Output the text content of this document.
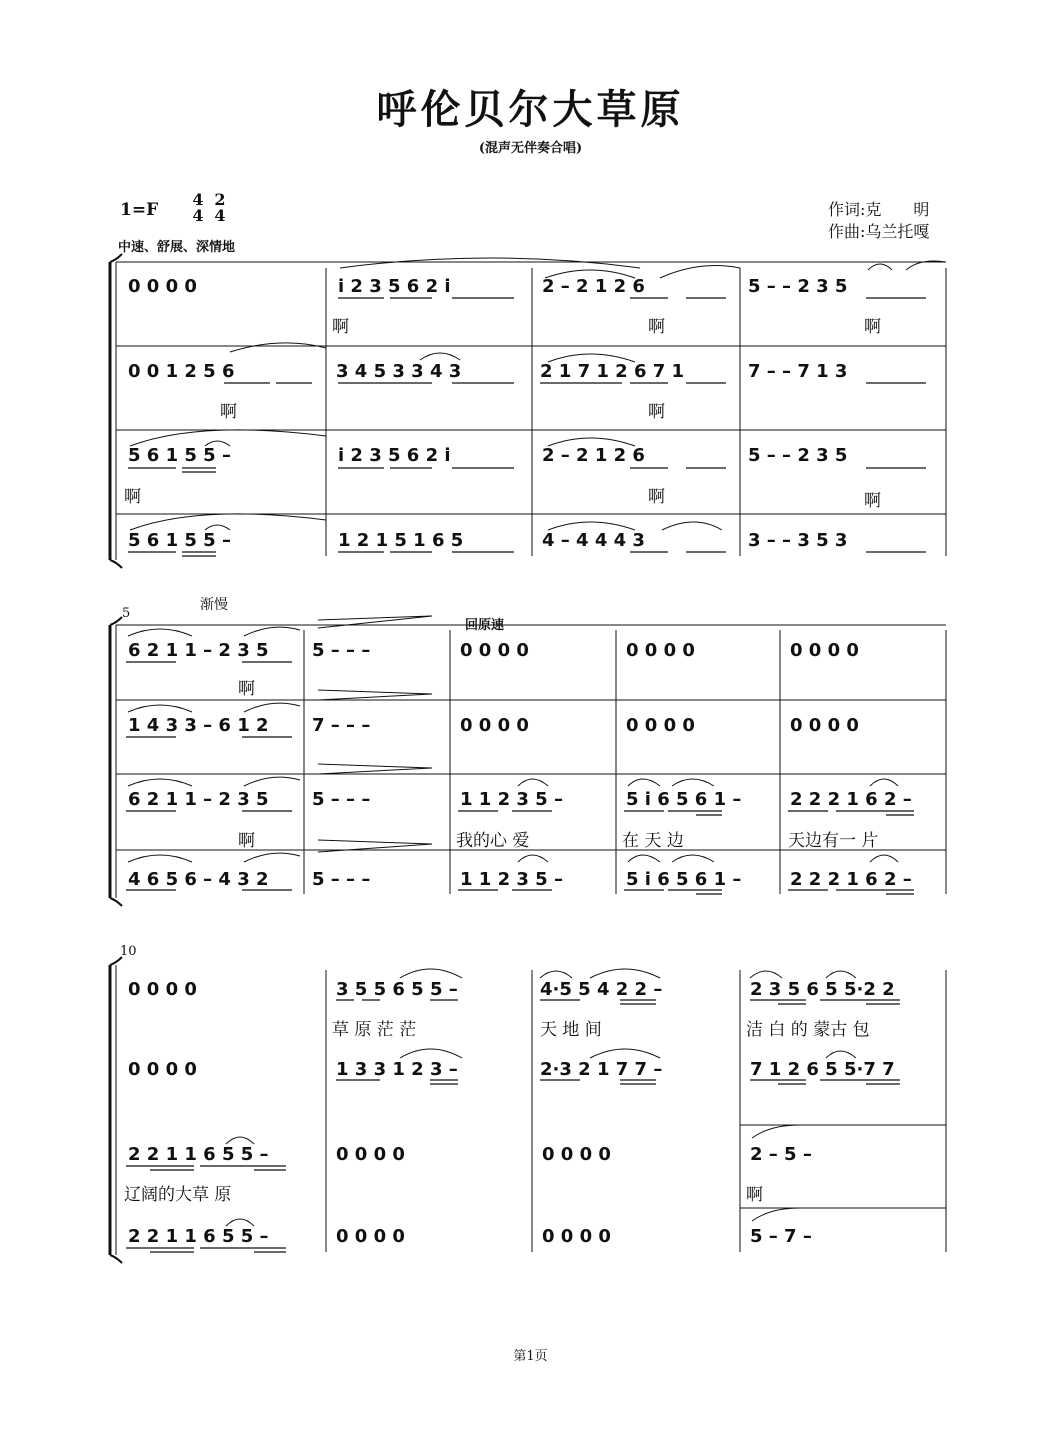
呼伦贝尔大草原
(混声无伴奏合唱)
1=F
4
4
2
4
中速、舒展、深情地
作词:克　　明
作曲:乌兰托嘎
0 0 0 0	i 2 3 5 6 2 i	2 – 2 1 2 6	5 – – 2 3 5
啊	啊	啊
0 0 1 2 5 6	3 4 5 3 3 4 3	2 1 7 1 2 6 7 1	7 – – 7 1 3
啊	啊
5 6 1 5 5 –	i 2 3 5 6 2 i	2 – 2 1 2 6	5 – – 2 3 5
啊	啊	啊
5 6 1 5 5 –	1 2 1 5 1 6 5	4 – 4 4 4 3	3 – – 3 5 3
5
渐慢
回原速
6 2 1 1 – 2 3 5 5 – – –	0 0 0 0	0 0 0 0	0 0 0 0
啊
1 4 3 3 – 6 1 2 7 – – –	0 0 0 0	0 0 0 0	0 0 0 0
6 2 1 1 – 2 3 5 5 – – –	1 1 2 3 5 –	5 i 6 5 6 1 –	2 2 2 1 6 2 –
啊	我的心 爱	在 天 边	天边有一 片
4 6 5 6 – 4 3 2 5 – – –	1 1 2 3 5 –	5 i 6 5 6 1 –	2 2 2 1 6 2 –
10
0 0 0 0	3 5 5 6 5 5 –	4·5 5 4 2 2 –	2 3 5 6 5 5·2 2
草 原 茫 茫	天 地 间	洁 白 的 蒙古 包
0 0 0 0	1 3 3 1 2 3 –	2·3 2 1 7 7 –	7 1 2 6 5 5·7 7
2 2 1 1 6 5 5 –	0 0 0 0	0 0 0 0	2 – 5 –
辽阔的大草 原	啊
2 2 1 1 6 5 5 –	0 0 0 0	0 0 0 0	5 – 7 –
第1页
